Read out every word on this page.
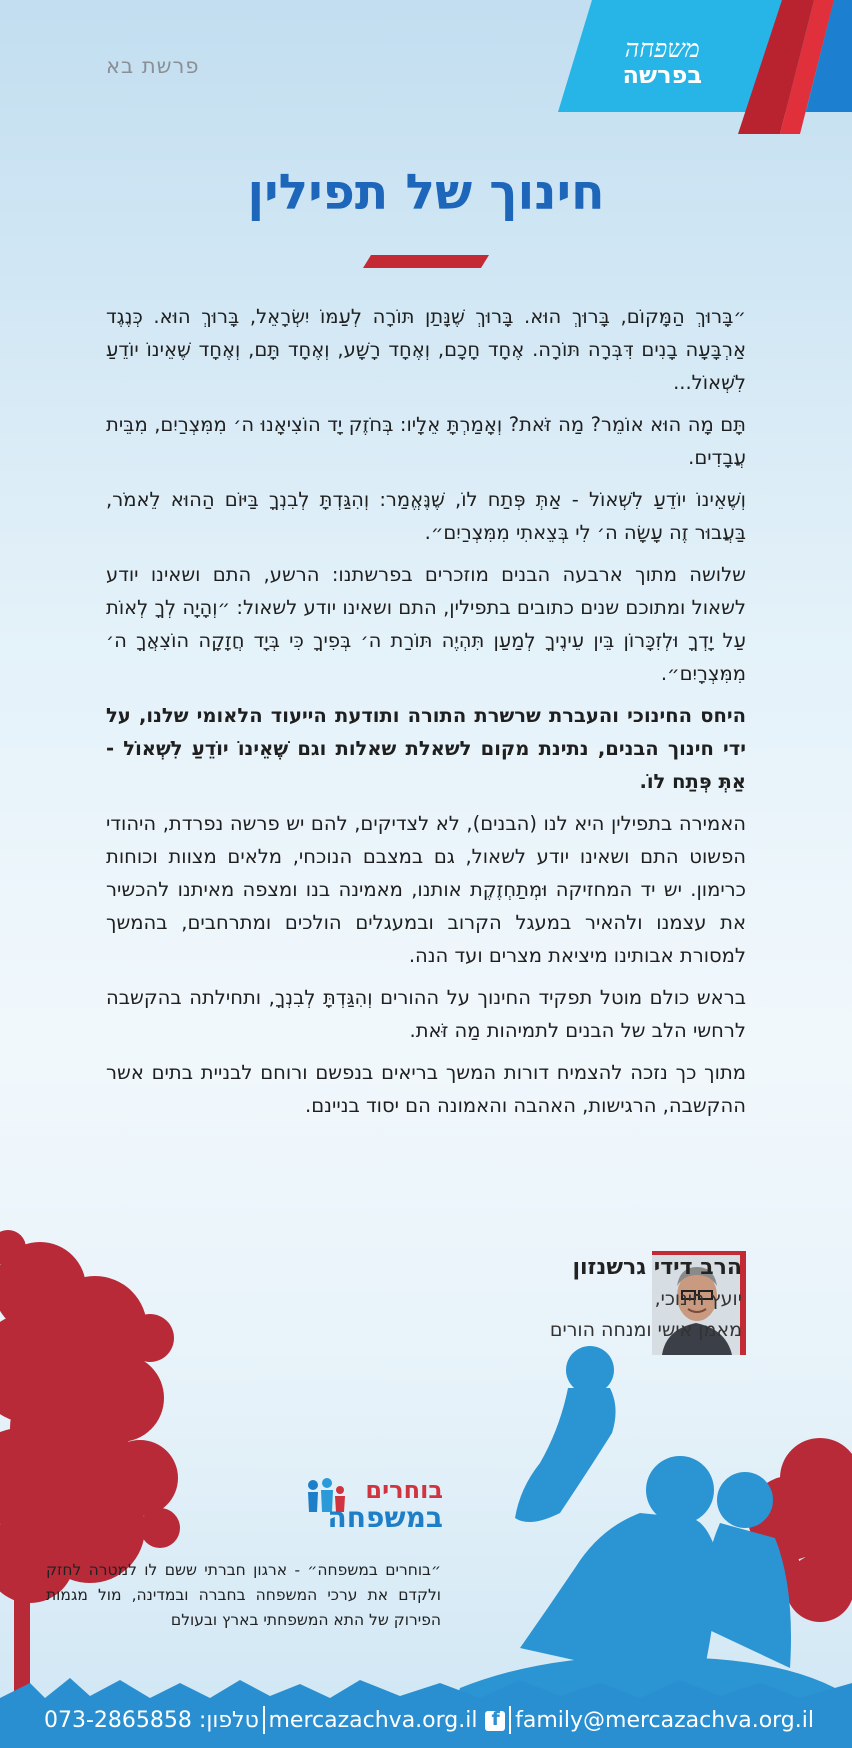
משפחה
בפרשה
פרשת בא
חינוך של תפילין

״בָּרוּךְ הַמָּקוֹם, בָּרוּךְ הוּא. בָּרוּךְ שֶׁנָּתַן תּוֹרָה לְעַמּוֹ יִשְׂרָאֵל, בָּרוּךְ הוּא. כְּנֶגֶד אַרְבָּעָה בָנִים דִּבְּרָה תּוֹרָה. אֶחָד חָכָם, וְאֶחָד רָשָׁע, וְאֶחָד תָּם, וְאֶחָד שֶׁאֵינוֹ יוֹדֵעַ לִשְׁאוֹל...

תָּם מָה הוּא אוֹמֵר? מַה זֹּאת? וְאָמַרְתָּ אֵלָיו: בְּחֹזֶק יָד הוֹצִיאָנוּ ה׳ מִמִּצְרַיִם, מִבֵּית עֲבָדִים.

וְשֶׁאֵינוֹ יוֹדֵעַ לִשְׁאוֹל - אַתְּ פְּתַח לוֹ, שֶׁנֶּאֱמַר: וְהִגַּדְתָּ לְבִנְךָ בַּיּוֹם הַהוּא לֵאמֹר, בַּעֲבוּר זֶה עָשָׂה ה׳ לִי בְּצֵאתִי מִמִּצְרַיִם״.

שלושה מתוך ארבעה הבנים מוזכרים בפרשתנו: הרשע, התם ושאינו יודע לשאול ומתוכם שנים כתובים בתפילין, התם ושאינו יודע לשאול: ״וְהָיָה לְךָ לְאוֹת עַל יָדְךָ וּלְזִכָּרוֹן בֵּין עֵינֶיךָ לְמַעַן תִּהְיֶה תּוֹרַת ה׳ בְּפִיךָ כִּי בְּיָד חֲזָקָה הוֹצִאֲךָ ה׳ מִמִּצְרָיִם״.

היחס החינוכי והעברת שרשרת התורה ותודעת הייעוד הלאומי שלנו, על ידי חינוך הבנים, נתינת מקום לשאלת שאלות וגם שֶׁאֵינוֹ יוֹדֵעַ לִשְׁאוֹל - אַתְּ פְּתַח לוֹ.

האמירה בתפילין היא לנו (הבנים), לא לצדיקים, להם יש פרשה נפרדת, היהודי הפשוט התם ושאינו יודע לשאול, גם במצבם הנוכחי, מלאים מצוות וכוחות כרימון. יש יד המחזיקה וּמְתַחְזֶקֶת אותנו, מאמינה בנו ומצפה מאיתנו להכשיר את עצמנו ולהאיר במעגל הקרוב ובמעגלים הולכים ומתרחבים, בהמשך למסורת אבותינו מיציאת מצרים ועד הנה.

בראש כולם מוטל תפקיד החינוך על ההורים וְהִגַּדְתָּ לְבִנְךָ, ותחילתה בהקשבה לרחשי הלב של הבנים לתמיהות מַה זֹּאת.

מתוך כך נזכה להצמיח דורות המשך בריאים בנפשם ורוחם לבניית בתים אשר ההקשבה, הרגישות, האהבה והאמונה הם יסוד בניינם.

הרב דידי גרשנזון

יועץ חינוכי,
מאמן אישי ומנחה הורים
בוחרים
במשפחה
״בוחרים במשפחה״ - ארגון חברתי ששם לו למטרה לחזק ולקדם את ערכי המשפחה בחברה ובמדינה, מול מגמות הפירוק של התא המשפחתי בארץ ובעולם
טלפון: 073-2865858	mercazachva.org.ilf	family@mercazachva.org.il
